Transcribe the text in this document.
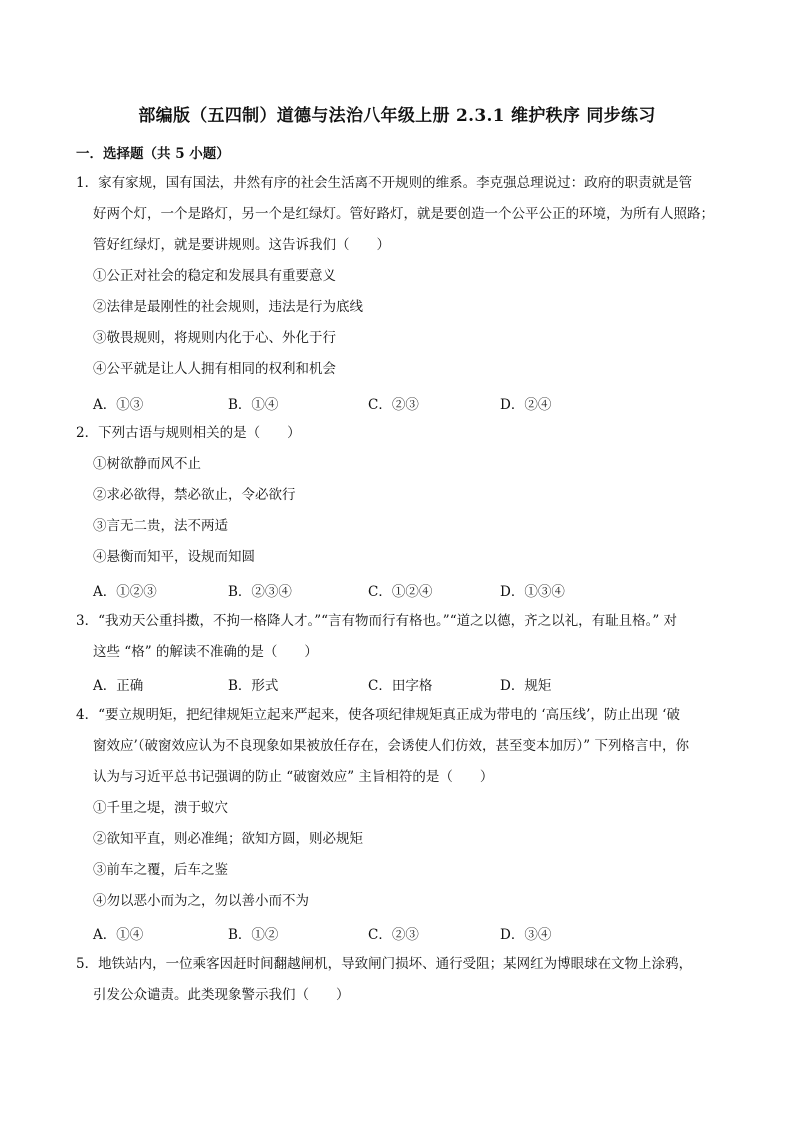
部编版（五四制）道德与法治八年级上册 2.3.1 维护秩序 同步练习
一．选择题（共 5 小题）
1．家有家规，国有国法，井然有序的社会生活离不开规则的维系。李克强总理说过：政府的职责就是管
好两个灯，一个是路灯，另一个是红绿灯。管好路灯，就是要创造一个公平公正的环境，为所有人照路；
管好红绿灯，就是要讲规则。这告诉我们（　　）
①公正对社会的稳定和发展具有重要意义
②法律是最刚性的社会规则，违法是行为底线
③敬畏规则，将规则内化于心、外化于行
④公平就是让人人拥有相同的权利和机会
A．①③	B．①④	C．②③	D．②④
2．下列古语与规则相关的是（　　）
①树欲静而风不止
②求必欲得，禁必欲止，令必欲行
③言无二贵，法不两适
④悬衡而知平，设规而知圆
A．①②③	B．②③④	C．①②④	D．①③④
3．“我劝天公重抖擞，不拘一格降人才。”“言有物而行有格也。”“道之以德，齐之以礼，有耻且格。” 对
这些 “格” 的解读不准确的是（　　）
A．正确	B．形式	C．田字格	D．规矩
4．“要立规明矩，把纪律规矩立起来严起来，使各项纪律规矩真正成为带电的 ‘高压线’，防止出现 ‘破
窗效应’（破窗效应认为不良现象如果被放任存在，会诱使人们仿效，甚至变本加厉）” 下列格言中，你
认为与习近平总书记强调的防止 “破窗效应” 主旨相符的是（　　）
①千里之堤，溃于蚁穴
②欲知平直，则必准绳；欲知方圆，则必规矩
③前车之覆，后车之鉴
④勿以恶小而为之，勿以善小而不为
A．①④	B．①②	C．②③	D．③④
5．地铁站内，一位乘客因赶时间翻越闸机，导致闸门损坏、通行受阻；某网红为博眼球在文物上涂鸦，
引发公众谴责。此类现象警示我们（　　）
